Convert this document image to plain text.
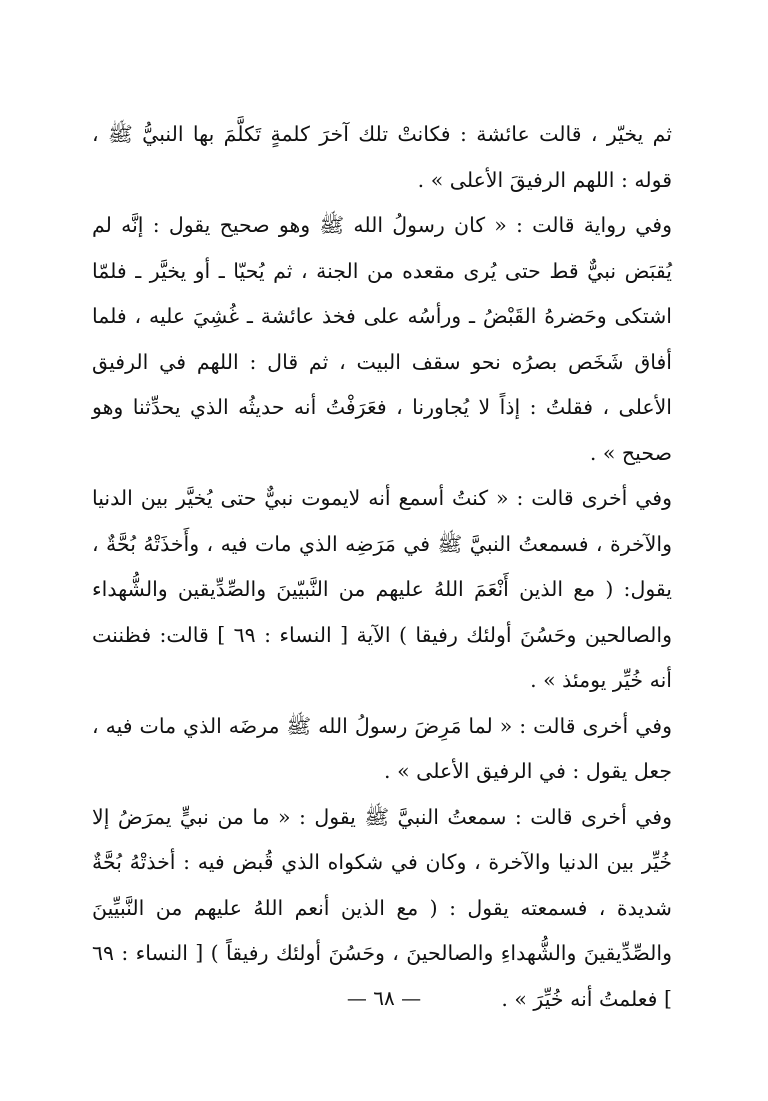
ثم يخيّر ، قالت عائشة : فكانتْ تلك آخرَ كلمةٍ تَكلَّمَ بها النبيُّ ﷺ ، قوله : اللهم الرفيقَ الأعلى » .

وفي رواية قالت : « كان رسولُ الله ﷺ وهو صحيح يقول : إنَّه لم يُقبَض نبيٌّ قط حتى يُرى مقعده من الجنة ، ثم يُحيّا ـ أو يخيَّر ـ فلمّا اشتكى وحَضرهُ القَبْضُ ـ ورأسُه على فخذ عائشة ـ غُشِيَ عليه ، فلما أفاق شَخَص بصرُه نحو سقف البيت ، ثم قال : اللهم في الرفيق الأعلى ، فقلتُ : إذاً لا يُجاورنا ، فعَرَفْتُ أنه حديثُه الذي يحدِّثنا وهو صحيح » .

وفي أخرى قالت : « كنتُ أسمع أنه لايموت نبيٌّ حتى يُخيَّر بين الدنيا والآخرة ، فسمعتُ النبيَّ ﷺ في مَرَضِه الذي مات فيه ، وأَخذَتْهُ بُحَّةٌ ، يقول: ( مع الذين أَنْعَمَ اللهُ عليهم من النَّبيّينَ والصِّدِّيقين والشُّهداء والصالحين وحَسُنَ أولئك رفيقا ) الآية [ النساء : ٦٩ ] قالت: فظننت أنه خُيِّر يومئذ » .

وفي أخرى قالت : « لما مَرِضَ رسولُ الله ﷺ مرضَه الذي مات فيه ، جعل يقول : في الرفيق الأعلى » .

وفي أخرى قالت : سمعتُ النبيَّ ﷺ يقول : « ما من نبيٍّ يمرَضُ إلا خُيِّر بين الدنيا والآخرة ، وكان في شكواه الذي قُبض فيه : أخذتْهُ بُحَّةٌ شديدة ، فسمعته يقول : ( مع الذين أنعم اللهُ عليهم من النَّبيِّينَ والصِّدِّيقينَ والشُّهداءِ والصالحينَ ، وحَسُنَ أولئك رفيقاً ) [ النساء : ٦٩ ] فعلمتُ أنه خُيِّرَ » .

— ٦٨ —
